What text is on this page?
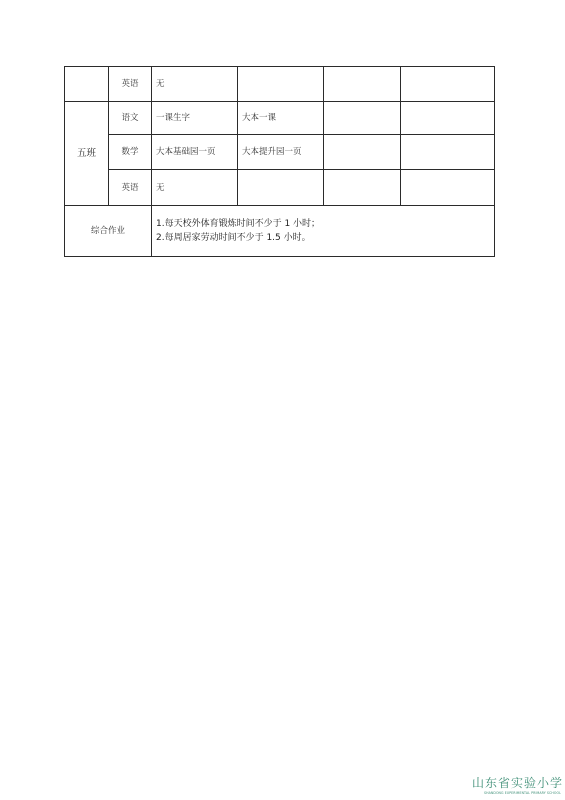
	英语	无			
五班	语文	一课生字	大本一课		
	数学	大本基础园一页	大本提升园一页		
	英语	无			
综合作业		1.每天校外体育锻炼时间不少于 1 小时；
2.每周居家劳动时间不少于 1.5 小时。			
山东省实验小学
SHANDONG EXPERIMENTAL PRIMARY SCHOOL
